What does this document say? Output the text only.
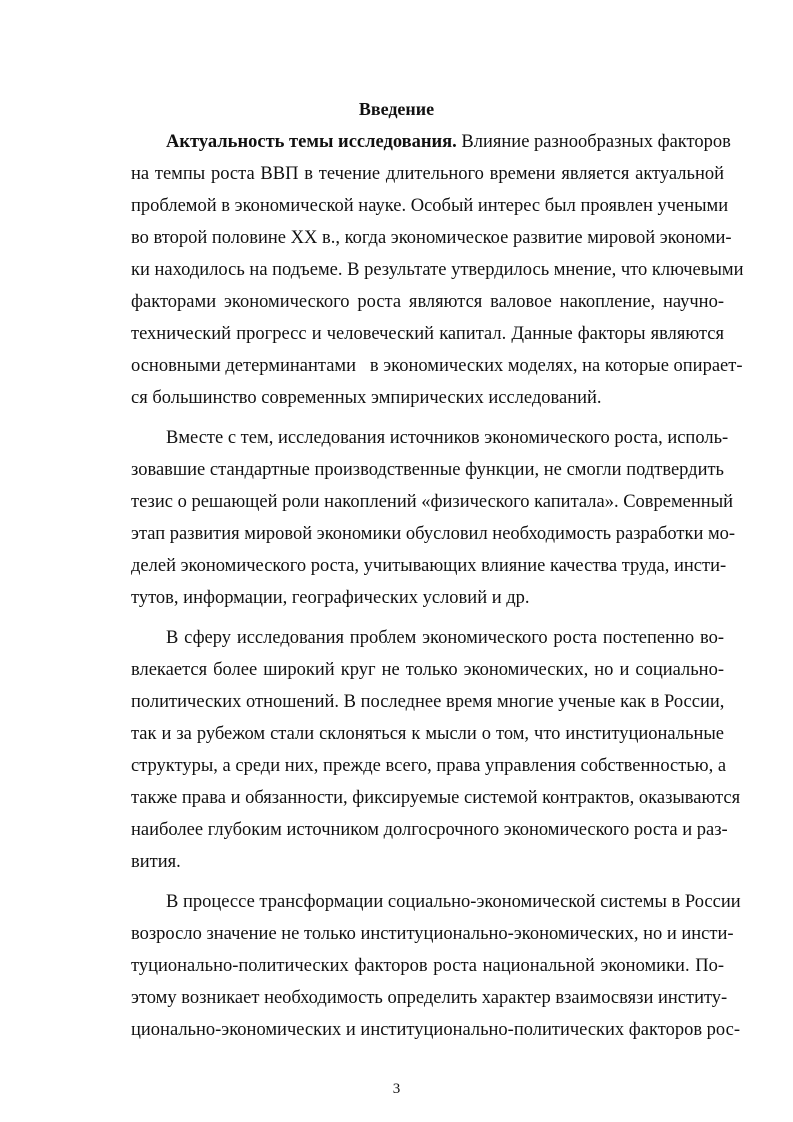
Введение
Актуальность темы исследования. Влияние разнообразных факторов
на темпы роста ВВП в течение длительного времени является актуальной
проблемой в экономической науке. Особый интерес был проявлен учеными
во второй половине XX в., когда экономическое развитие мировой экономи-
ки находилось на подъеме. В результате утвердилось мнение, что ключевыми
факторами экономического роста являются валовое накопление, научно-
технический прогресс и человеческий капитал. Данные факторы являются
основными детерминантами   в экономических моделях, на которые опирает-
ся большинство современных эмпирических исследований.
Вместе с тем, исследования источников экономического роста, исполь-
зовавшие стандартные производственные функции, не смогли подтвердить
тезис о решающей роли накоплений «физического капитала». Современный
этап развития мировой экономики обусловил необходимость разработки мо-
делей экономического роста, учитывающих влияние качества труда, инсти-
тутов, информации, географических условий и др.
В сферу исследования проблем экономического роста постепенно во-
влекается более широкий круг не только экономических, но и социально-
политических отношений. В последнее время многие ученые как в России,
так и за рубежом стали склоняться к мысли о том, что институциональные
структуры, а среди них, прежде всего, права управления собственностью, а
также права и обязанности, фиксируемые системой контрактов, оказываются
наиболее глубоким источником долгосрочного экономического роста и раз-
вития.
В процессе трансформации социально-экономической системы в России
возросло значение не только институционально-экономических, но и инсти-
туционально-политических факторов роста национальной экономики. По-
этому возникает необходимость определить характер взаимосвязи институ-
ционально-экономических и институционально-политических факторов рос-
3
